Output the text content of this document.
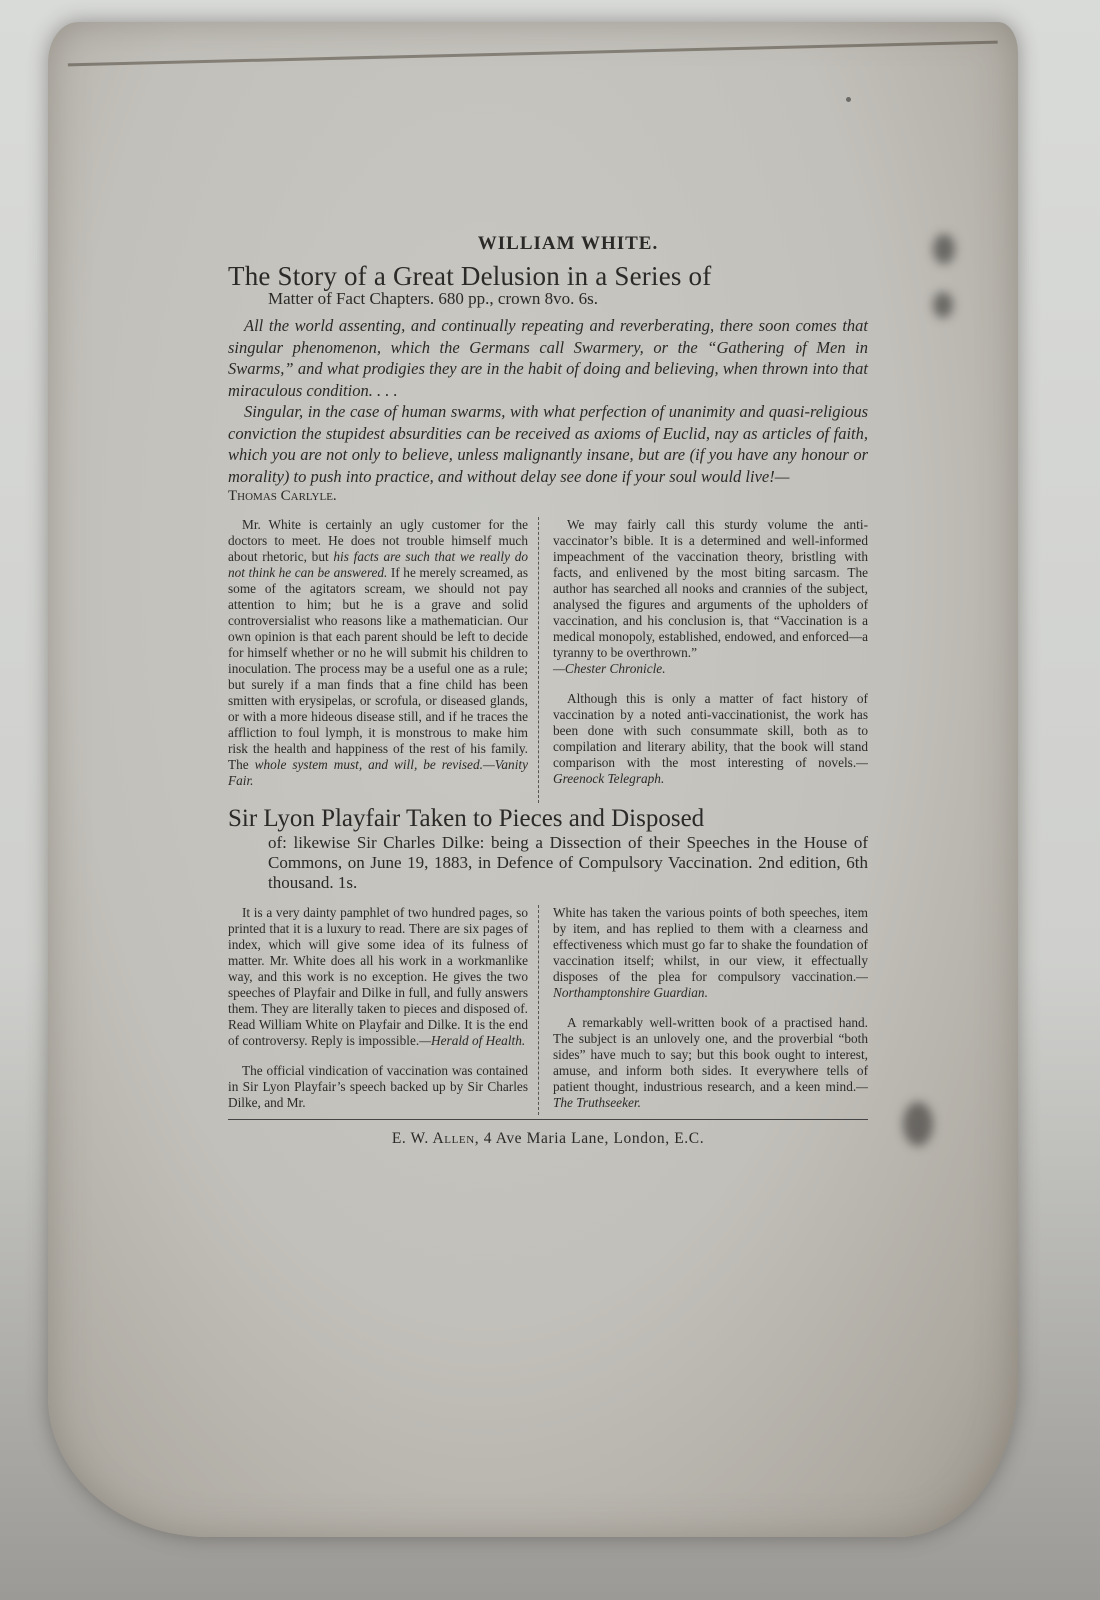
WILLIAM WHITE.
The Story of a Great Delusion in a Series of
Matter of Fact Chapters. 680 pp., crown 8vo. 6s.

All the world assenting, and continually repeating and reverberating, there soon comes that singular phenomenon, which the Germans call Swarmery, or the “Gathering of Men in Swarms,” and what prodigies they are in the habit of doing and believing, when thrown into that miraculous condition. . . .

Singular, in the case of human swarms, with what perfection of unanimity and quasi-religious conviction the stupidest absurdities can be received as axioms of Euclid, nay as articles of faith, which you are not only to believe, unless malignantly insane, but are (if you have any honour or morality) to push into practice, and without delay see done if your soul would live!—

Thomas Carlyle.

Mr. White is certainly an ugly customer for the doctors to meet. He does not trouble himself much about rhetoric, but his facts are such that we really do not think he can be answered. If he merely screamed, as some of the agitators scream, we should not pay attention to him; but he is a grave and solid controversialist who reasons like a mathematician. Our own opinion is that each parent should be left to decide for himself whether or no he will submit his children to inoculation. The process may be a useful one as a rule; but surely if a man finds that a fine child has been smitten with erysipelas, or scrofula, or diseased glands, or with a more hideous disease still, and if he traces the affliction to foul lymph, it is monstrous to make him risk the health and happiness of the rest of his family. The whole system must, and will, be revised.—Vanity Fair.

We may fairly call this sturdy volume the anti-vaccinator’s bible. It is a determined and well-informed impeachment of the vaccination theory, bristling with facts, and enlivened by the most biting sarcasm. The author has searched all nooks and crannies of the subject, analysed the figures and arguments of the upholders of vaccination, and his conclusion is, that “Vaccination is a medical monopoly, established, endowed, and enforced—a tyranny to be overthrown.”
—Chester Chronicle.

Although this is only a matter of fact history of vaccination by a noted anti-vaccinationist, the work has been done with such consummate skill, both as to compilation and literary ability, that the book will stand comparison with the most interesting of novels.—Greenock Telegraph.

Sir Lyon Playfair Taken to Pieces and Disposed
of: likewise Sir Charles Dilke: being a Dissection of their Speeches in the House of Commons, on June 19, 1883, in Defence of Compulsory Vaccination. 2nd edition, 6th thousand. 1s.

It is a very dainty pamphlet of two hundred pages, so printed that it is a luxury to read. There are six pages of index, which will give some idea of its fulness of matter. Mr. White does all his work in a workmanlike way, and this work is no exception. He gives the two speeches of Playfair and Dilke in full, and fully answers them. They are literally taken to pieces and disposed of. Read William White on Playfair and Dilke. It is the end of controversy. Reply is impossible.—Herald of Health.

The official vindication of vaccination was contained in Sir Lyon Playfair’s speech backed up by Sir Charles Dilke, and Mr.

White has taken the various points of both speeches, item by item, and has replied to them with a clearness and effectiveness which must go far to shake the foundation of vaccination itself; whilst, in our view, it effectually disposes of the plea for compulsory vaccination.—Northamptonshire Guardian.

A remarkably well-written book of a practised hand. The subject is an unlovely one, and the proverbial “both sides” have much to say; but this book ought to interest, amuse, and inform both sides. It everywhere tells of patient thought, industrious research, and a keen mind.—The Truthseeker.

E. W. Allen, 4 Ave Maria Lane, London, E.C.
